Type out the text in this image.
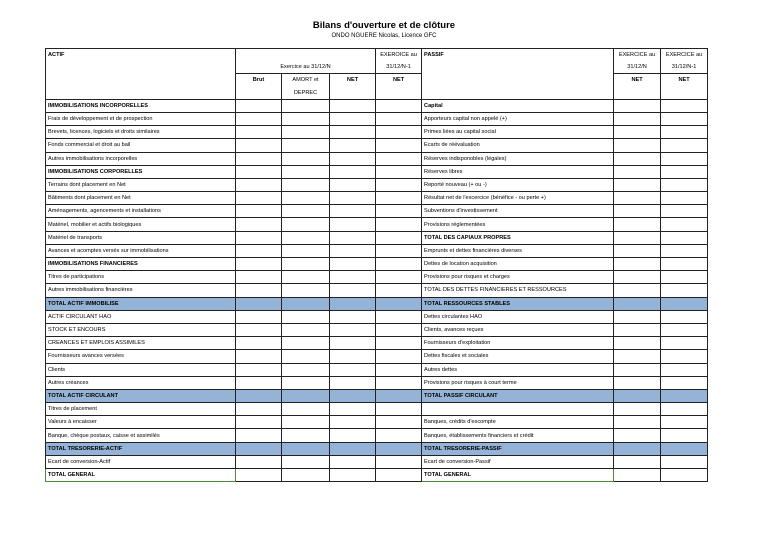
Bilans d'ouverture et de clôture
ONDO NGUERE Nicolas, Licence GFC
ACTIF				EXEROICE au	PASSIF	EXERCICE au	EXERCICE au
	Exercice au 31/12/N			31/12/N-1		31/12/N	31/12/N-1
	Brut	AMORT et	NET	NET		NET	NET
		DEPREC					
IMMOBILISATIONS INCORPORELLES					Capital		
Frais de développement et de prospection					Apporteurs capital non appelé (+)		
Brevets, licences, logiciels et droits similaires					Primes liées au capital social		
Fonds commercial et droit au bail					Ecarts de réévaluation		
Autres immobilisations incorporelles					Réserves indisponobles (légales)		
IMMOBILISATIONS CORPORELLES					Réserves libres		
Terrains dont placement en Net					Reporté nouveau (+ ou -)		
Bâtiments dont placement en Net					Résultat net de l'excercice (bénéfice - ou perte +)		
Aménagements, agencements et installations					Subventions d'investissement		
Matériel, mobilier et actifs biologiques					Provisions réglementées		
Matériel de transports					TOTAL DES CAPIAUX PROPRES		
Avances et acomptes versés sur immobilisations					Emprunts et dettes financières diverses		
IMMOBILISATIONS FINANCIERES					Dettes de location acquisition		
Titres de participations					Provisions pour risques et charges		
Autres immobilisations financières					TOTAL DES DETTES FINANCIERES ET RESSOURCES		
TOTAL ACTIF IMMOBILISE					TOTAL RESSOURCES STABLES		
ACTIF CIRCULANT HAO					Dettes circulantes HAO		
STOCK ET ENCOURS					Clients, avances reçues		
CREANCES ET EMPLOIS ASSIMILES					Fournisseurs d'exploitation		
Fournisseurs avances versées					Dettes fiscales et sociales		
Clients					Autres dettes		
Autres créances					Provisions pour risques à court terme		
TOTAL ACTIF CIRCULANT					TOTAL PASSIF CIRCULANT		
Titres de placement							
Valeurs à encaisser					Banques, crédits d'escompte		
Banque, chèque postaux, caisse et assimilés					Banques, établissements financiers et crédit		
TOTAL TRESORERIE-ACTIF					TOTAL TRESORERIE-PASSIF		
Ecart de conversion-Actif					Ecart de conversion-Passif		
TOTAL GENERAL					TOTAL GENERAL		
